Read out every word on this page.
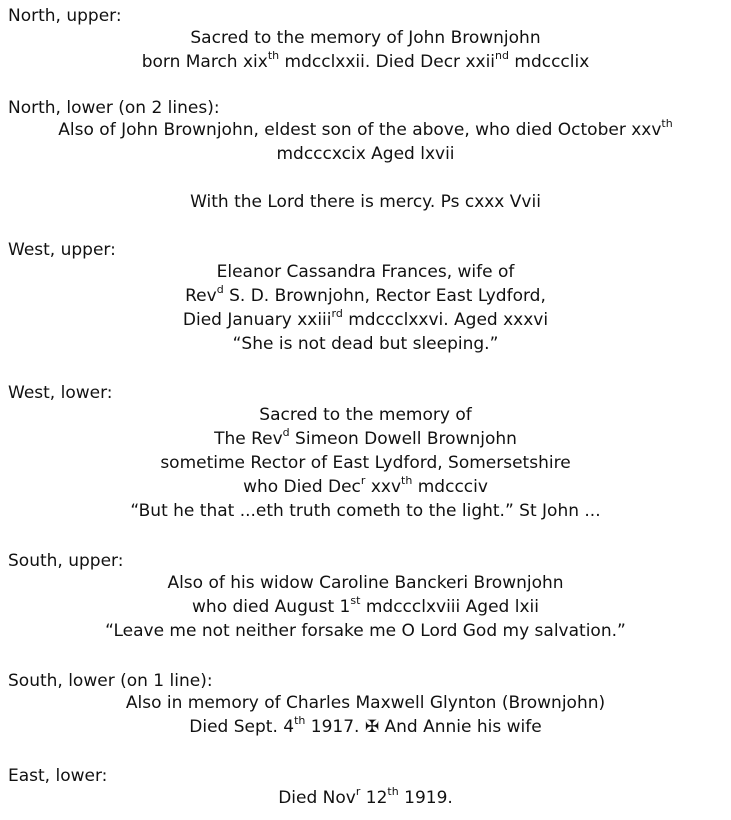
North, upper:
Sacred to the memory of John Brownjohn
born March xix$^{th}$ mdcclxxii. Died Decr xxii$^{nd}$ mdccclix
North, lower (on 2 lines):
Also of John Brownjohn, eldest son of the above, who died October xxv$^{th}$
mdcccxcix Aged lxvii
With the Lord there is mercy. Ps cxxx Vvii
West, upper:
Eleanor Cassandra Frances, wife of
Rev$^d$ S. D. Brownjohn, Rector East Lydford,
Died January xxiii$^{rd}$ mdccclxxvi. Aged xxxvi
“She is not dead but sleeping.”
West, lower:
Sacred to the memory of
The Rev$^d$ Simeon Dowell Brownjohn
sometime Rector of East Lydford, Somersetshire
who Died Dec$^r$ xxv$^{th}$ mdccciv
“But he that ...eth truth cometh to the light.” St John ...
South, upper:
Also of his widow Caroline Banckeri Brownjohn
who died August 1st mdccclxviii Aged lxii
“Leave me not neither forsake me O Lord God my salvation.”
South, lower (on 1 line):
Also in memory of Charles Maxwell Glynton (Brownjohn)
Died Sept. 4th 1917. ✠ And Annie his wife
East, lower:
Died Nov$^r$ 12th 1919.
